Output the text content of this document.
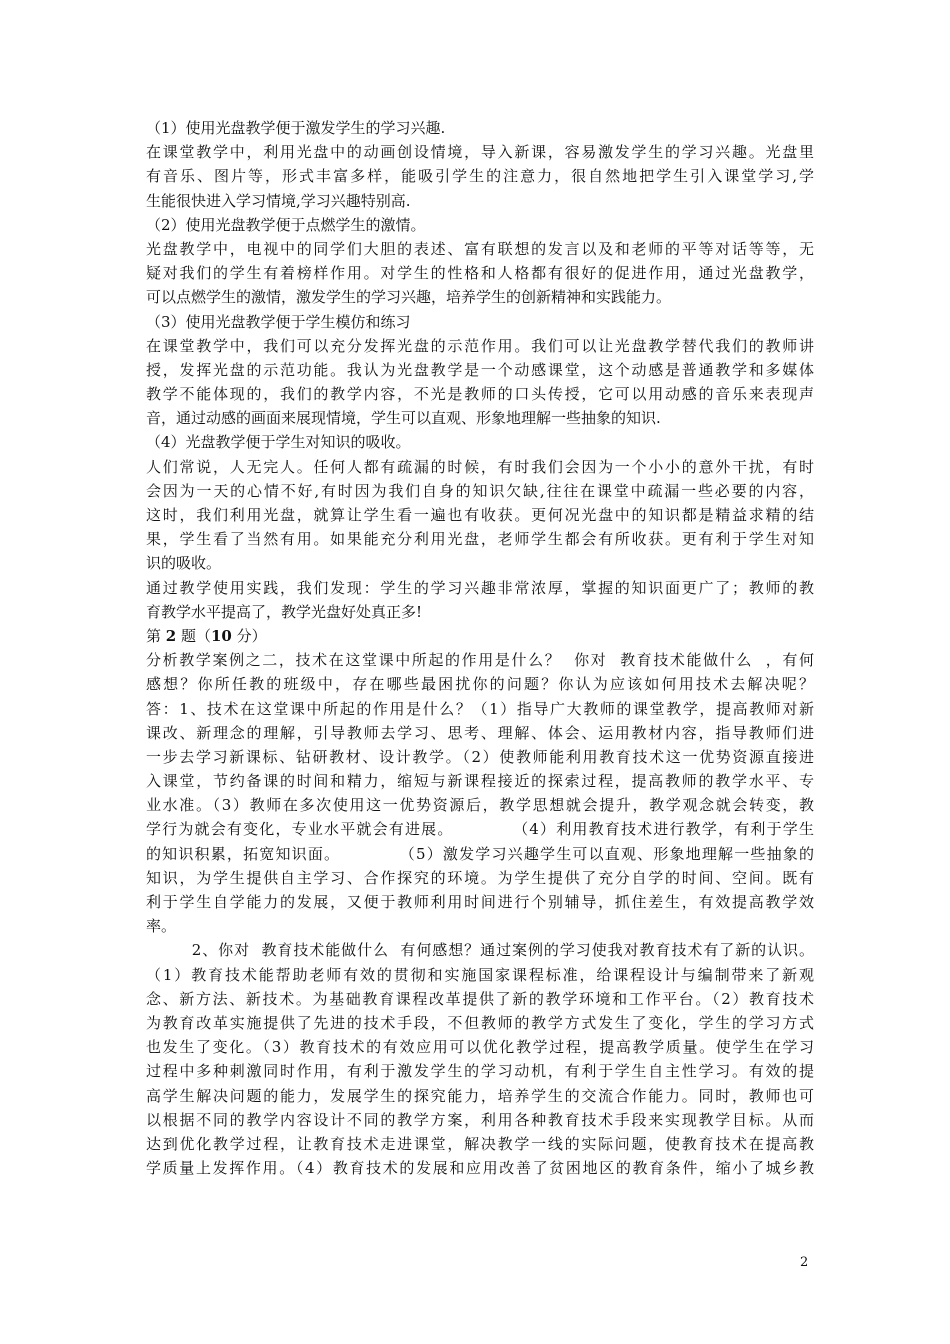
（1）使用光盘教学便于激发学生的学习兴趣.
在课堂教学中，利用光盘中的动画创设情境，导入新课，容易激发学生的学习兴趣。光盘里
有音乐、图片等，形式丰富多样，能吸引学生的注意力，很自然地把学生引入课堂学习,学
生能很快进入学习情境,学习兴趣特别高.
（2）使用光盘教学便于点燃学生的激情。
光盘教学中，电视中的同学们大胆的表述、富有联想的发言以及和老师的平等对话等等，无
疑对我们的学生有着榜样作用。对学生的性格和人格都有很好的促进作用，通过光盘教学，
可以点燃学生的激情，激发学生的学习兴趣，培养学生的创新精神和实践能力。
（3）使用光盘教学便于学生模仿和练习
在课堂教学中，我们可以充分发挥光盘的示范作用。我们可以让光盘教学替代我们的教师讲
授，发挥光盘的示范功能。我认为光盘教学是一个动感课堂，这个动感是普通教学和多媒体
教学不能体现的，我们的教学内容，不光是教师的口头传授，它可以用动感的音乐来表现声
音，通过动感的画面来展现情境，学生可以直观、形象地理解一些抽象的知识.
（4）光盘教学便于学生对知识的吸收。
人们常说，人无完人。任何人都有疏漏的时候，有时我们会因为一个小小的意外干扰，有时
会因为一天的心情不好,有时因为我们自身的知识欠缺,往往在课堂中疏漏一些必要的内容，
这时，我们利用光盘，就算让学生看一遍也有收获。更何况光盘中的知识都是精益求精的结
果，学生看了当然有用。如果能充分利用光盘，老师学生都会有所收获。更有利于学生对知
识的吸收。
通过教学使用实践，我们发现：学生的学习兴趣非常浓厚，掌握的知识面更广了；教师的教
育教学水平提高了，教学光盘好处真正多!
第 2 题（10 分）
分析教学案例之二，技术在这堂课中所起的作用是什么？  你对  教育技术能做什么  ，有何
感想？你所任教的班级中，存在哪些最困扰你的问题？你认为应该如何用技术去解决呢？
答：1、技术在这堂课中所起的作用是什么？（1）指导广大教师的课堂教学，提高教师对新
课改、新理念的理解，引导教师去学习、思考、理解、体会、运用教材内容，指导教师们进
一步去学习新课标、钻研教材、设计教学。（2）使教师能利用教育技术这一优势资源直接进
入课堂，节约备课的时间和精力，缩短与新课程接近的探索过程，提高教师的教学水平、专
业水准。（3）教师在多次使用这一优势资源后，教学思想就会提升，教学观念就会转变，教
学行为就会有变化，专业水平就会有进展。          （4）利用教育技术进行教学，有利于学生
的知识积累，拓宽知识面。          （5）激发学习兴趣学生可以直观、形象地理解一些抽象的
知识，为学生提供自主学习、合作探究的环境。为学生提供了充分自学的时间、空间。既有
利于学生自学能力的发展，又便于教师利用时间进行个别辅导，抓住差生，有效提高教学效
率。
2、你对  教育技术能做什么  有何感想？通过案例的学习使我对教育技术有了新的认识。
（1）教育技术能帮助老师有效的贯彻和实施国家课程标准，给课程设计与编制带来了新观
念、新方法、新技术。为基础教育课程改革提供了新的教学环境和工作平台。（2）教育技术
为教育改革实施提供了先进的技术手段，不但教师的教学方式发生了变化，学生的学习方式
也发生了变化。（3）教育技术的有效应用可以优化教学过程，提高教学质量。使学生在学习
过程中多种刺激同时作用，有利于激发学生的学习动机，有利于学生自主性学习。有效的提
高学生解决问题的能力，发展学生的探究能力，培养学生的交流合作能力。同时，教师也可
以根据不同的教学内容设计不同的教学方案，利用各种教育技术手段来实现教学目标。从而
达到优化教学过程，让教育技术走进课堂，解决教学一线的实际问题，使教育技术在提高教
学质量上发挥作用。（4）教育技术的发展和应用改善了贫困地区的教育条件，缩小了城乡教
2
